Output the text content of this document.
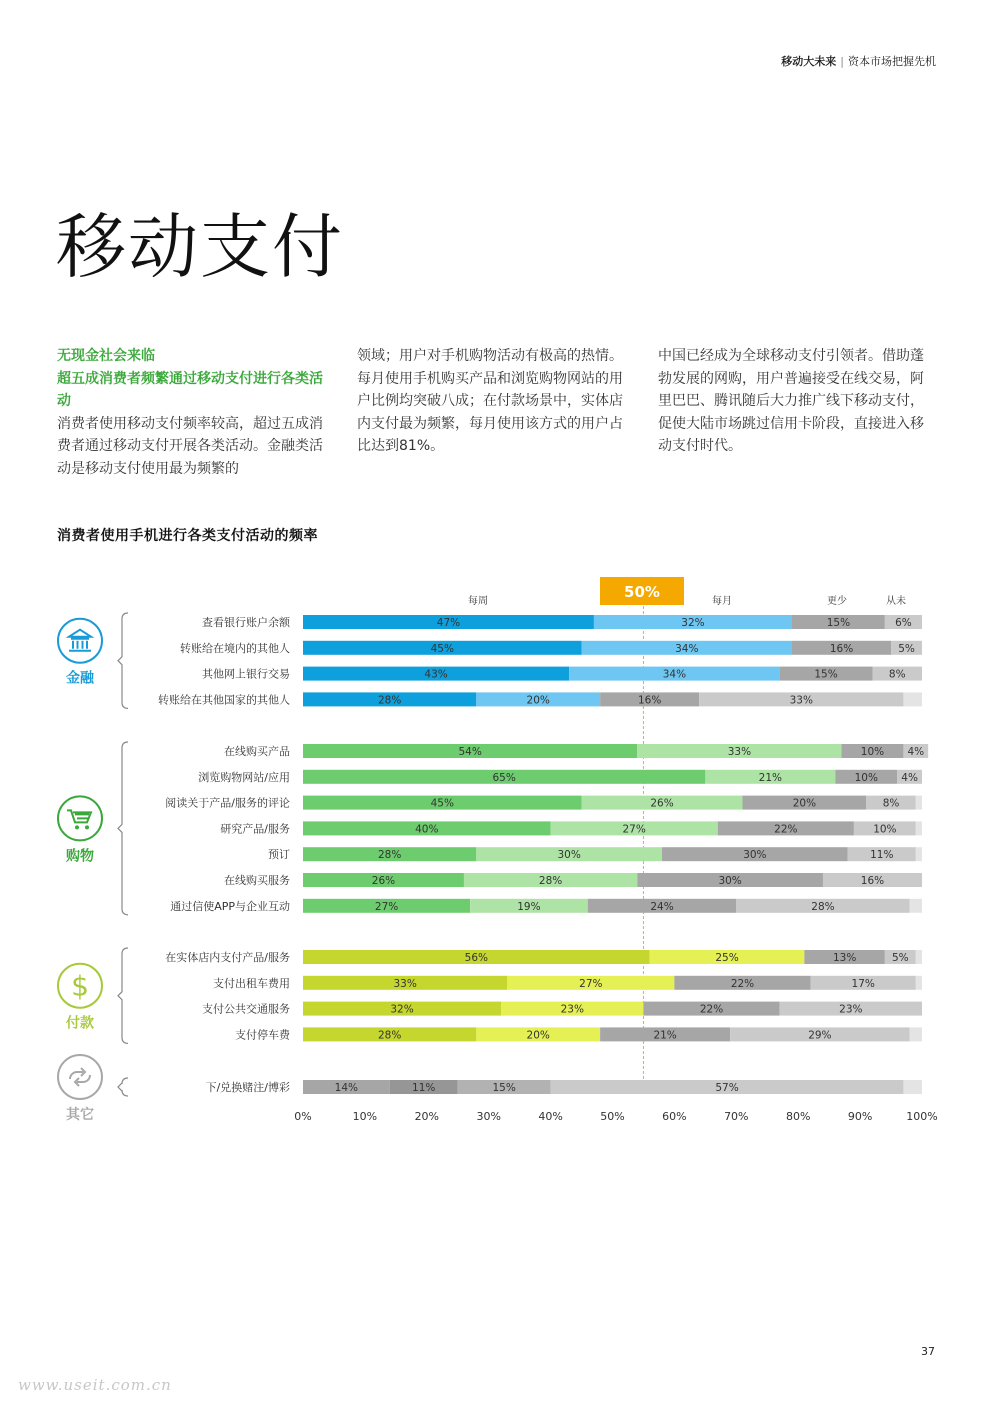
移动大未来 | 资本市场把握先机
移动支付
无现金社会来临
超五成消费者频繁通过移动支付进行各类活动
消费者使用移动支付频率较高，超过五成消费者通过移动支付开展各类活动。金融类活动是移动支付使用最为频繁的
领域；用户对手机购物活动有极高的热情。每月使用手机购买产品和浏览购物网站的用户比例均突破八成；在付款场景中，实体店内支付最为频繁，每月使用该方式的用户占比达到81%。
中国已经成为全球移动支付引领者。借助蓬勃发展的网购，用户普遍接受在线交易，阿里巴巴、腾讯随后大力推广线下移动支付，促使大陆市场跳过信用卡阶段，直接进入移动支付时代。
消费者使用手机进行各类支付活动的频率
50%
每周	每月	更少	从未
金融
查看银行账户余额	47%	32%	15%	6%
转账给在境内的其他人	45%	34%	16%	5%
其他网上银行交易	43%	34%	15%	8%
转账给在其他国家的其他人	28%	20%	16%	33%
购物
在线购买产品	54%	33%	10% 4%
浏览购物网站/应用	65%	21%	10% 4%
阅读关于产品/服务的评论	45%	26%	20%	8%
研究产品/服务	40%	27%	22%	10%
预订	28%	30%	30%	11%
在线购买服务	26%	28%	30%	16%
通过信使APP与企业互动	27%	19%	24%	28%
$
付款
在实体店内支付产品/服务	56%	25%	13%	5%
支付出租车费用	33%	27%	22%	17%
支付公共交通服务	32%	23%	22%	23%
支付停车费	28%	20%	21%	29%
其它
下/兑换赌注/博彩	14%	11%	15%	57%
0%	10%	20%	30%	40%	50%	60%	70%	80%	90%	100%
37
www.useit.com.cn
